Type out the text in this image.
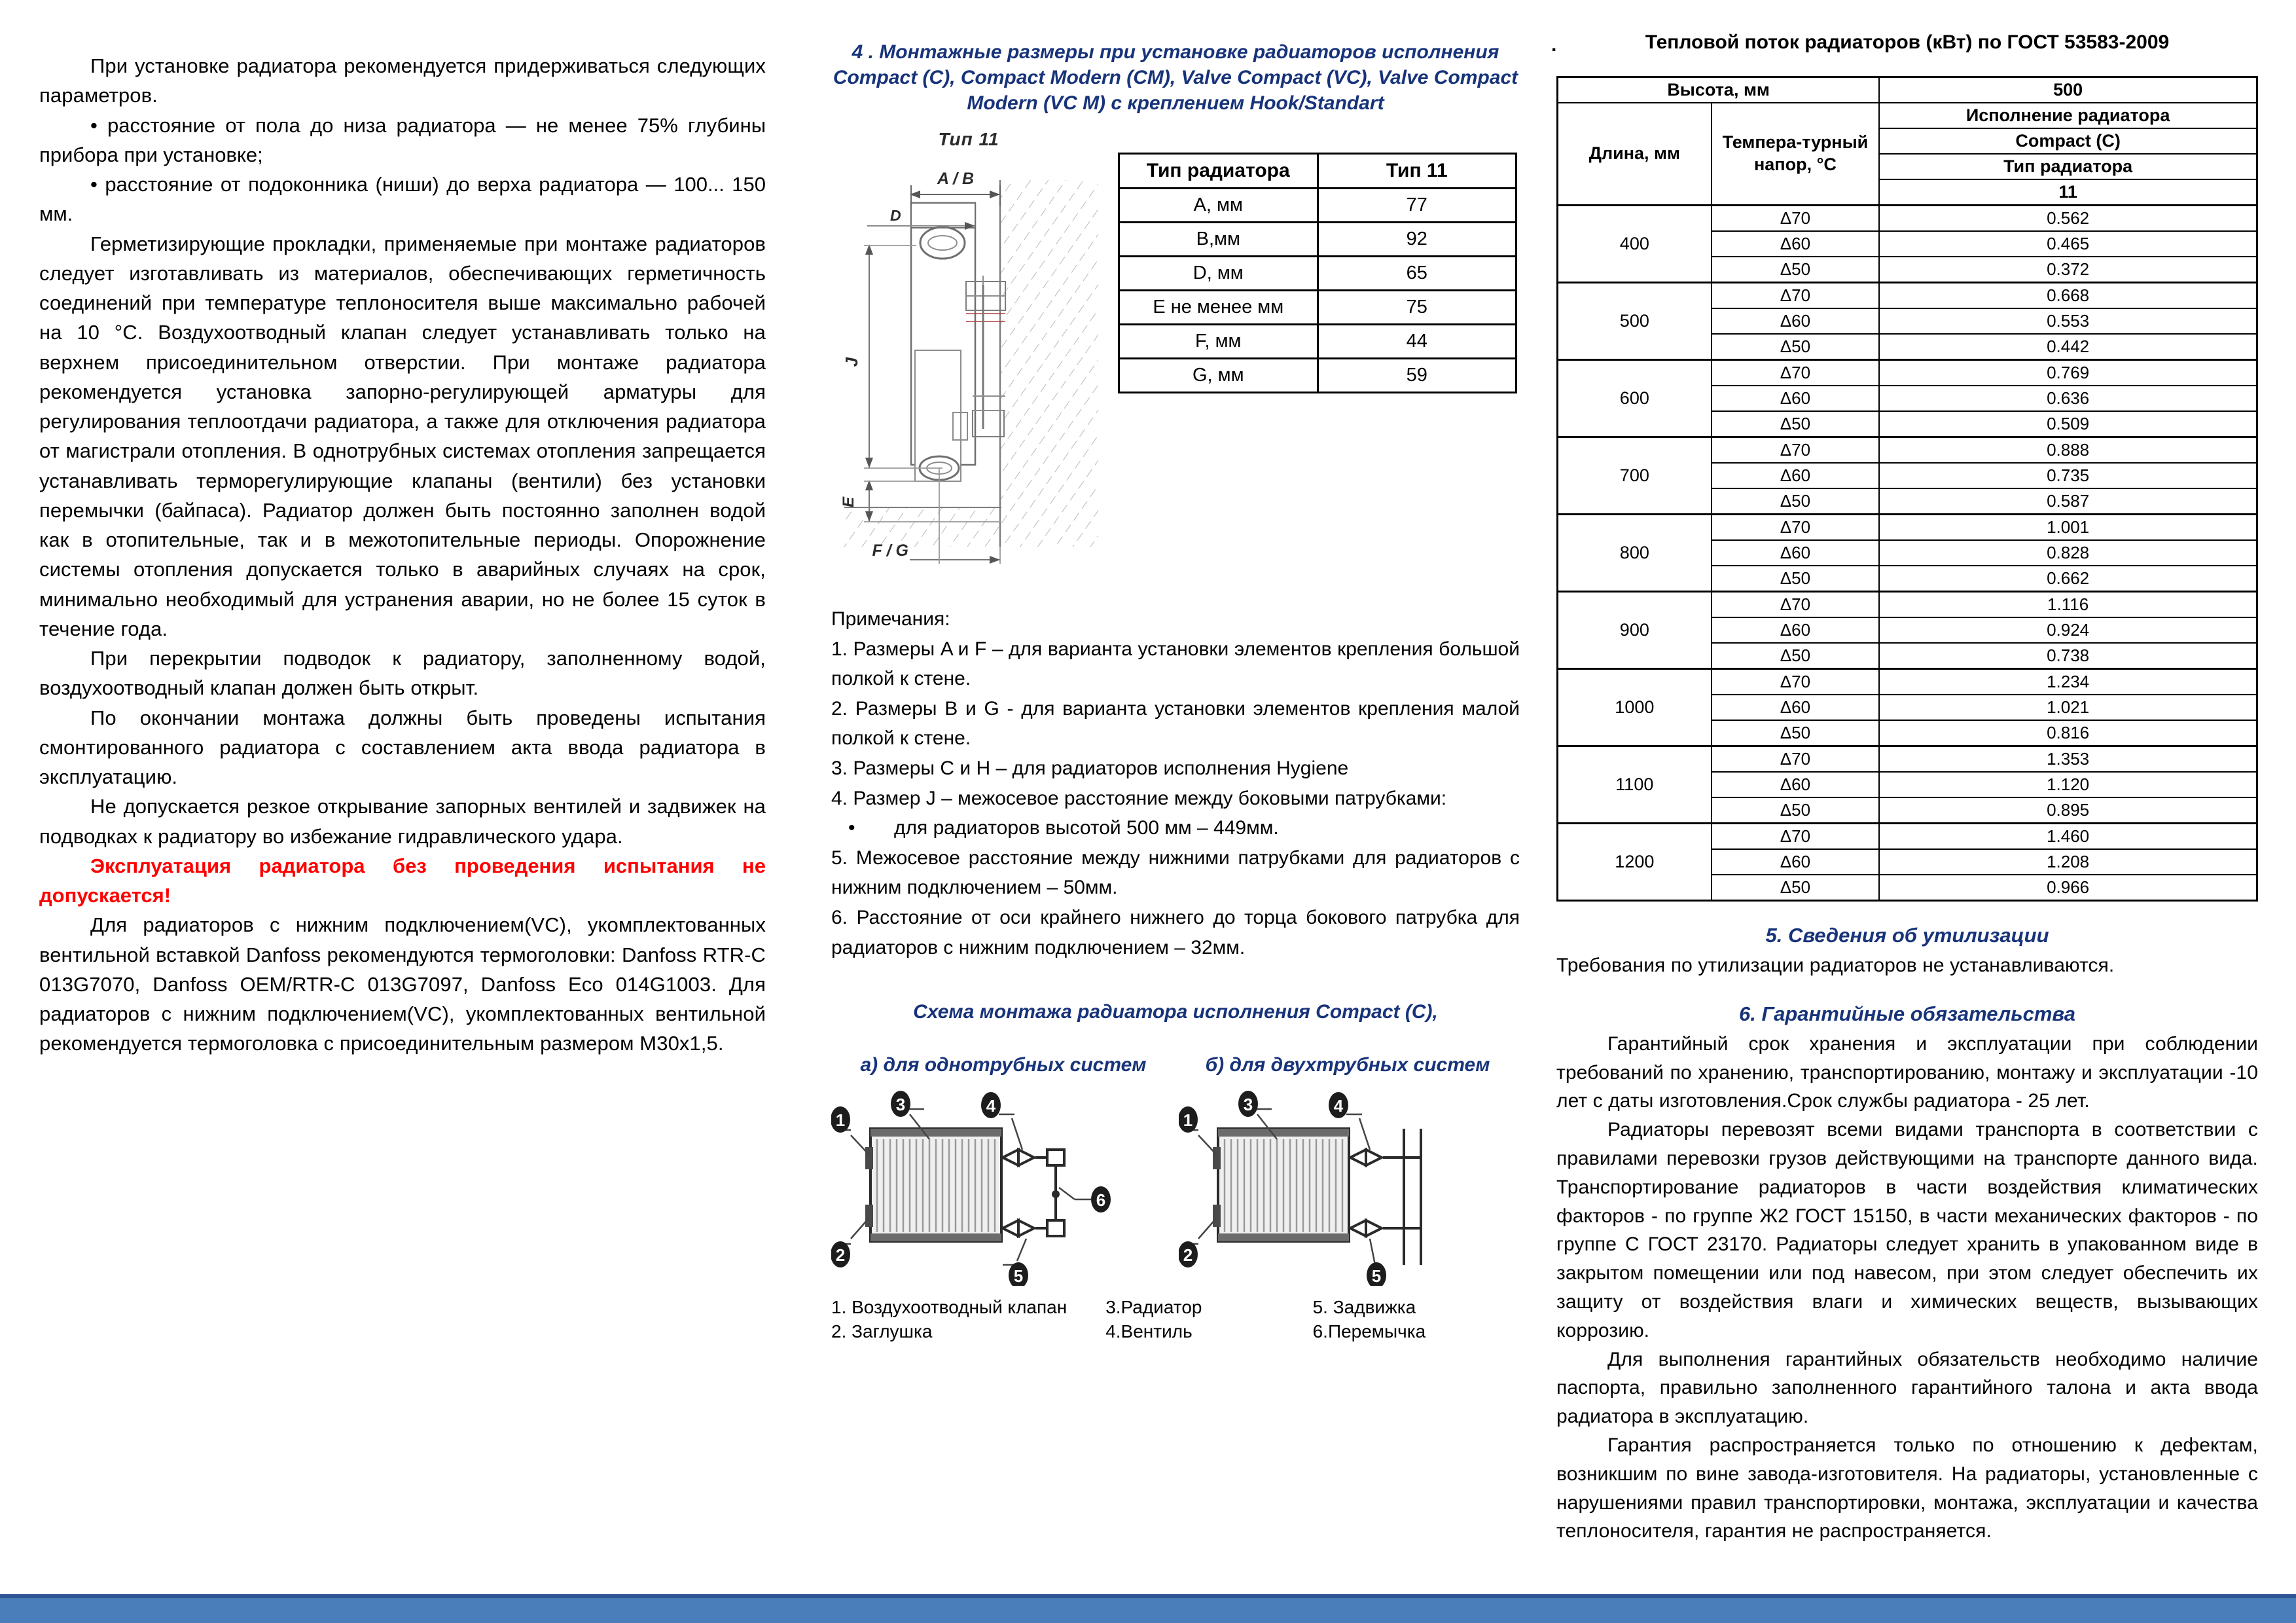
При установке радиатора рекомендуется придерживаться следующих параметров.

• расстояние от пола до низа радиатора — не менее 75% глубины прибора при установке;

• расстояние от подоконника (ниши) до верха радиатора — 100... 150 мм.

Герметизирующие прокладки, применяемые при монтаже радиаторов следует изготавливать из материалов, обеспечивающих герметичность соединений при температуре теплоносителя выше максимально рабочей на 10 °С. Воздухоотводный клапан следует устанавливать только на верхнем присоединительном отверстии. При монтаже радиатора рекомендуется установка запорно-регулирующей арматуры для регулирования теплоотдачи радиатора, а также для отключения радиатора от магистрали отопления. В однотрубных системах отопления запрещается устанавливать терморегулирующие клапаны (вентили) без установки перемычки (байпаса). Радиатор должен быть постоянно заполнен водой как в отопительные, так и в межотопительные периоды. Опорожнение системы отопления допускается только в аварийных случаях на срок, минимально необходимый для устранения аварии, но не более 15 суток в течение года.

При перекрытии подводок к радиатору, заполненному водой, воздухоотводный клапан должен быть открыт.

По окончании монтажа должны быть проведены испытания смонтированного радиатора с составлением акта ввода радиатора в эксплуатацию.

Не допускается резкое открывание запорных вентилей и задвижек на подводках к радиатору во избежание гидравлического удара.

Эксплуатация радиатора без проведения испытания не допускается!

Для радиаторов с нижним подключением(VC), укомплектованных вентильной вставкой Danfoss рекомендуются термоголовки: Danfoss RTR-C 013G7070, Danfoss OEM/RTR-C 013G7097, Danfoss Eco 014G1003. Для радиаторов с нижним подключением(VC), укомплектованных вентильной рекомендуется термоголовка с присоединительным размером М30х1,5.

4 . Монтажные размеры при установке радиаторов исполнения Compact (C), Compact Modern (CM), Valve Compact (VC), Valve Compact Modern (VC M) с креплением Hook/Standart
Тип 11
A / B
D
J
E
F / G
Тип радиатора	Тип 11
A, мм	77
B,мм	92
D, мм	65
E не менее мм	75
F, мм	44
G, мм	59

Примечания:

1. Размеры A и F – для варианта установки элементов крепления большой полкой к стене.

2. Размеры B и G - для варианта установки элементов крепления малой полкой к стене.

3. Размеры C и H – для радиаторов исполнения Hygiene

4. Размер J – межосевое расстояние между боковыми патрубками:

• для радиаторов высотой 500 мм – 449мм.

5. Межосевое расстояние между нижними патрубками для радиаторов с нижним подключением – 50мм.

6. Расстояние от оси крайнего нижнего до торца бокового патрубка для радиаторов с нижним подключением – 32мм.

Схема монтажа радиатора исполнения Compact (C),
а) для однотрубных систем	б) для двухтрубных систем
1
2
3	4
5
6
1
2
3	4
5
1. Воздухоотводный клапан
2. Заглушка
3.Радиатор
4.Вентиль
5. Задвижка
6.Перемычка
.	Тепловой поток радиаторов (кВт) по ГОСТ 53583-2009
Высота, мм		500
Длина, мм	Темпера-турный напор, °С	Исполнение радиатора
		Compact (C)
		Тип радиатора
		11
400	Δ70	0.562
	Δ60	0.465
	Δ50	0.372
500	Δ70	0.668
	Δ60	0.553
	Δ50	0.442
600	Δ70	0.769
	Δ60	0.636
	Δ50	0.509
700	Δ70	0.888
	Δ60	0.735
	Δ50	0.587
800	Δ70	1.001
	Δ60	0.828
	Δ50	0.662
900	Δ70	1.116
	Δ60	0.924
	Δ50	0.738
1000	Δ70	1.234
	Δ60	1.021
	Δ50	0.816
1100	Δ70	1.353
	Δ60	1.120
	Δ50	0.895
1200	Δ70	1.460
	Δ60	1.208
	Δ50	0.966
5. Сведения об утилизации

Требования по утилизации радиаторов не устанавливаются.

6. Гарантийные обязательства

Гарантийный срок хранения и эксплуатации при соблюдении требований по хранению, транспортированию, монтажу и эксплуатации -10 лет с даты изготовления.Срок службы радиатора - 25 лет.

Радиаторы перевозят всеми видами транспорта в соответствии с правилами перевозки грузов действующими на транспорте данного вида. Транспортирование радиаторов в части воздействия климатических факторов - по группе Ж2 ГОСТ 15150, в части механических факторов - по группе С ГОСТ 23170. Радиаторы следует хранить в упакованном виде в закрытом помещении или под навесом, при этом следует обеспечить их защиту от воздействия влаги и химических веществ, вызывающих коррозию.

Для выполнения гарантийных обязательств необходимо наличие паспорта, правильно заполненного гарантийного талона и акта ввода радиатора в эксплуатацию.

Гарантия распространяется только по отношению к дефектам, возникшим по вине завода-изготовителя. На радиаторы, установленные с нарушениями правил транспортировки, монтажа, эксплуатации и качества теплоносителя, гарантия не распространяется.
